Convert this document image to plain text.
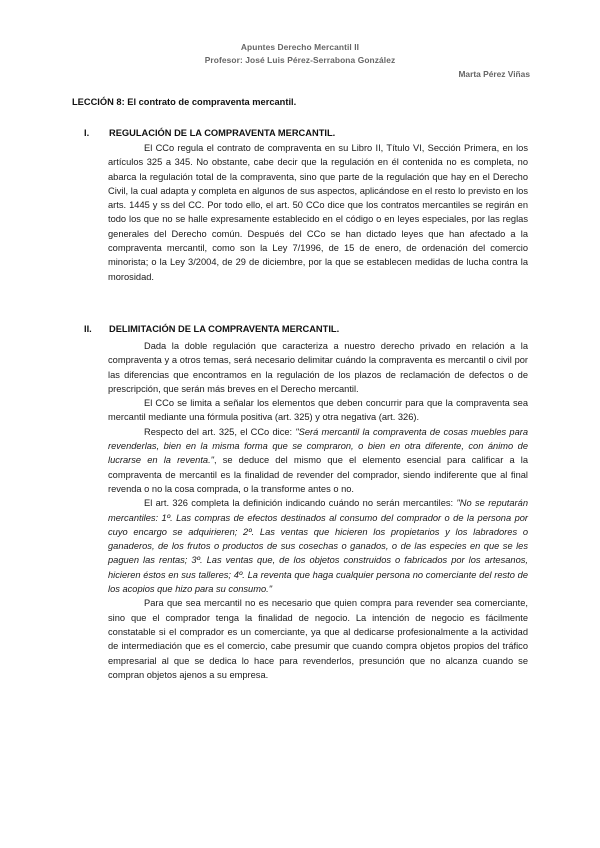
Apuntes Derecho Mercantil II
Profesor: José Luis Pérez-Serrabona González
Marta Pérez Viñas
LECCIÓN 8: El contrato de compraventa mercantil.
I. REGULACIÓN DE LA COMPRAVENTA MERCANTIL.

El CCo regula el contrato de compraventa en su Libro II, Título VI, Sección Primera, en los artículos 325 a 345. No obstante, cabe decir que la regulación en él contenida no es completa, no abarca la regulación total de la compraventa, sino que parte de la regulación que hay en el Derecho Civil, la cual adapta y completa en algunos de sus aspectos, aplicándose en el resto lo previsto en los arts. 1445 y ss del CC. Por todo ello, el art. 50 CCo dice que los contratos mercantiles se regirán en todo los que no se halle expresamente establecido en el código o en leyes especiales, por las reglas generales del Derecho común. Después del CCo se han dictado leyes que han afectado a la compraventa mercantil, como son la Ley 7/1996, de 15 de enero, de ordenación del comercio minorista; o la Ley 3/2004, de 29 de diciembre, por la que se establecen medidas de lucha contra la morosidad.

II. DELIMITACIÓN DE LA COMPRAVENTA MERCANTIL.

Dada la doble regulación que caracteriza a nuestro derecho privado en relación a la compraventa y a otros temas, será necesario delimitar cuándo la compraventa es mercantil o civil por las diferencias que encontramos en la regulación de los plazos de reclamación de defectos o de prescripción, que serán más breves en el Derecho mercantil.

El CCo se limita a señalar los elementos que deben concurrir para que la compraventa sea mercantil mediante una fórmula positiva (art. 325) y otra negativa (art. 326).

Respecto del art. 325, el CCo dice: "Será mercantil la compraventa de cosas muebles para revenderlas, bien en la misma forma que se compraron, o bien en otra diferente, con ánimo de lucrarse en la reventa.", se deduce del mismo que el elemento esencial para calificar a la compraventa de mercantil es la finalidad de revender del comprador, siendo indiferente que al final revenda o no la cosa comprada, o la transforme antes o no.

El art. 326 completa la definición indicando cuándo no serán mercantiles: "No se reputarán mercantiles: 1º. Las compras de efectos destinados al consumo del comprador o de la persona por cuyo encargo se adquirieren; 2º. Las ventas que hicieren los propietarios y los labradores o ganaderos, de los frutos o productos de sus cosechas o ganados, o de las especies en que se les paguen las rentas; 3º. Las ventas que, de los objetos construidos o fabricados por los artesanos, hicieren éstos en sus talleres; 4º. La reventa que haga cualquier persona no comerciante del resto de los acopios que hizo para su consumo."

Para que sea mercantil no es necesario que quien compra para revender sea comerciante, sino que el comprador tenga la finalidad de negocio. La intención de negocio es fácilmente constatable si el comprador es un comerciante, ya que al dedicarse profesionalmente a la actividad de intermediación que es el comercio, cabe presumir que cuando compra objetos propios del tráfico empresarial al que se dedica lo hace para revenderlos, presunción que no alcanza cuando se compran objetos ajenos a su empresa.
